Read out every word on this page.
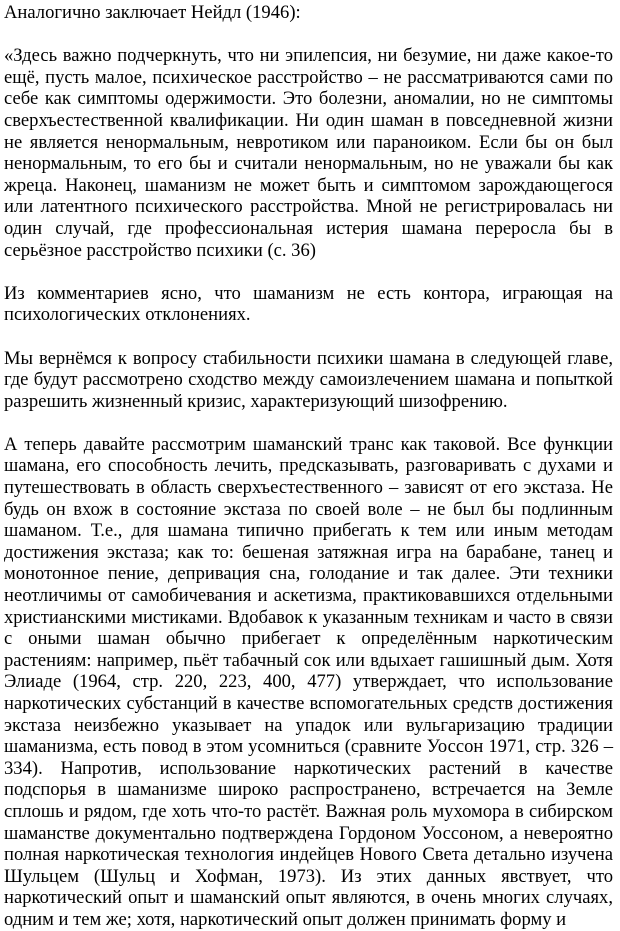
Аналогично заключает Нейдл (1946):

«Здесь важно подчеркнуть, что ни эпилепсия, ни безумие, ни даже какое-то ещё, пусть малое, психическое расстройство – не рассматриваются сами по себе как симптомы одержимости. Это болезни, аномалии, но не симптомы сверхъестественной квалификации. Ни один шаман в повседневной жизни не является ненормальным, невротиком или параноиком. Если бы он был ненормальным, то его бы и считали ненормальным, но не уважали бы как жреца. Наконец, шаманизм не может быть и симптомом зарождающегося или латентного психического расстройства. Мной не регистрировалась ни один случай, где профессиональная истерия шамана переросла бы в серьёзное расстройство психики (с. 36)

Из комментариев ясно, что шаманизм не есть контора, играющая на психологических отклонениях.

Мы вернёмся к вопросу стабильности психики шамана в следующей главе, где будут рассмотрено сходство между самоизлечением шамана и попыткой разрешить жизненный кризис, характеризующий шизофрению.

А теперь давайте рассмотрим шаманский транс как таковой. Все функции шамана, его способность лечить, предсказывать, разговаривать с духами и путешествовать в область сверхъестественного – зависят от его экстаза. Не будь он вхож в состояние экстаза по своей воле – не был бы подлинным шаманом. Т.е., для шамана типично прибегать к тем или иным методам достижения экстаза; как то: бешеная затяжная игра на барабане, танец и монотонное пение, депривация сна, голодание и так далее. Эти техники неотличимы от самобичевания и аскетизма, практиковавшихся отдельными христианскими мистиками. Вдобавок к указанным техникам и часто в связи с оными шаман обычно прибегает к определённым наркотическим растениям: например, пьёт табачный сок или вдыхает гашишный дым. Хотя Элиаде (1964, стр. 220, 223, 400, 477) утверждает, что использование наркотических субстанций в качестве вспомогательных средств достижения экстаза неизбежно указывает на упадок или вульгаризацию традиции шаманизма, есть повод в этом усомниться (сравните Уоссон 1971, стр. 326 – 334). Напротив, использование наркотических растений в качестве подспорья в шаманизме широко распространено, встречается на Земле сплошь и рядом, где хоть что-то растёт. Важная роль мухомора в сибирском шаманстве документально подтверждена Гордоном Уоссоном, а невероятно полная наркотическая технология индейцев Нового Света детально изучена Шульцем (Шульц и Хофман, 1973). Из этих данных явствует, что наркотический опыт и шаманский опыт являются, в очень многих случаях, одним и тем же; хотя, наркотический опыт должен принимать форму и
